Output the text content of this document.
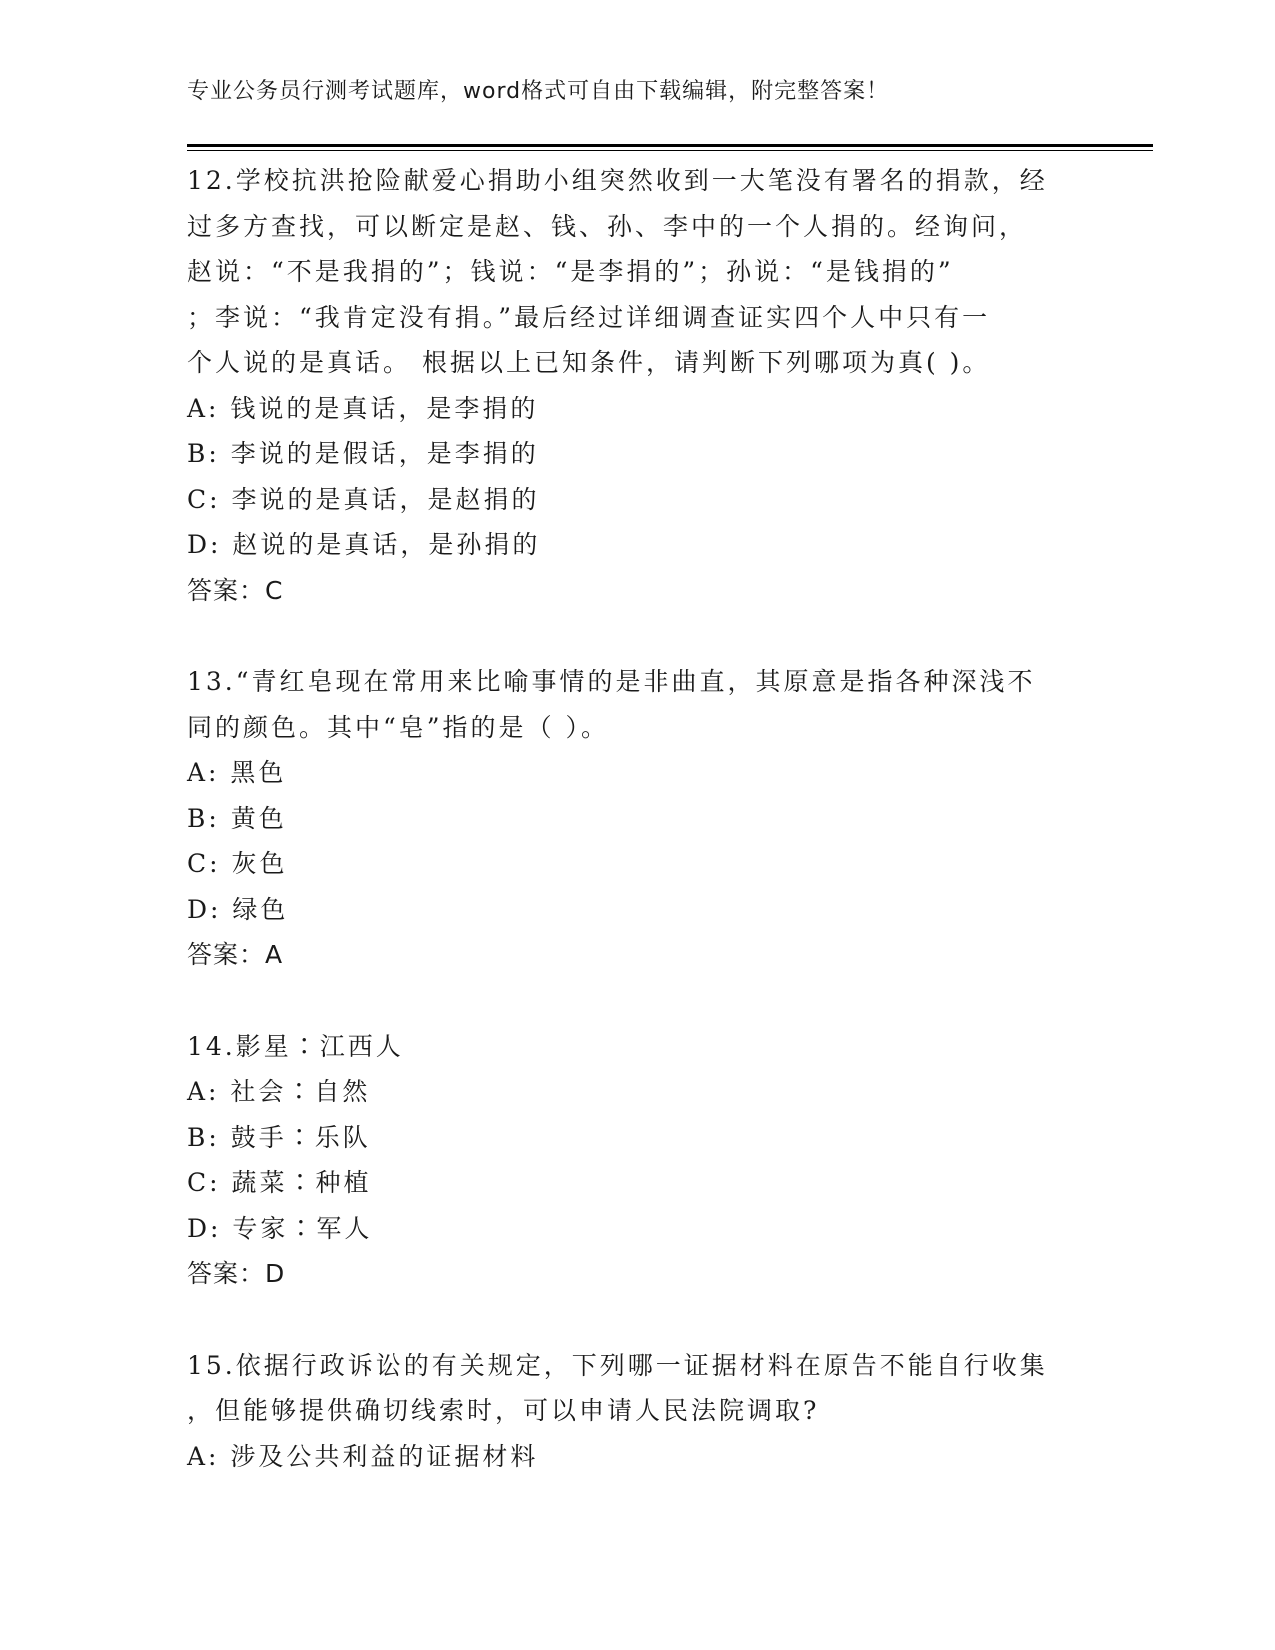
专业公务员行测考试题库，word格式可自由下载编辑，附完整答案！
12.学校抗洪抢险献爱心捐助小组突然收到一大笔没有署名的捐款，经
过多方查找，可以断定是赵、钱、孙、李中的一个人捐的。经询问，
赵说：“不是我捐的”；钱说：“是李捐的”；孙说：“是钱捐的”
；李说：“我肯定没有捐。”最后经过详细调查证实四个人中只有一
个人说的是真话。 根据以上已知条件，请判断下列哪项为真( )。
A: 钱说的是真话，是李捐的
B: 李说的是假话，是李捐的
C: 李说的是真话，是赵捐的
D: 赵说的是真话，是孙捐的
答案：C
13.“青红皂现在常用来比喻事情的是非曲直，其原意是指各种深浅不
同的颜色。其中“皂”指的是（ ）。
A: 黑色
B: 黄色
C: 灰色
D: 绿色
答案：A
14.影星∶江西人
A: 社会∶自然
B: 鼓手∶乐队
C: 蔬菜∶种植
D: 专家∶军人
答案：D
15.依据行政诉讼的有关规定，下列哪一证据材料在原告不能自行收集
，但能够提供确切线索时，可以申请人民法院调取?
A: 涉及公共利益的证据材料
